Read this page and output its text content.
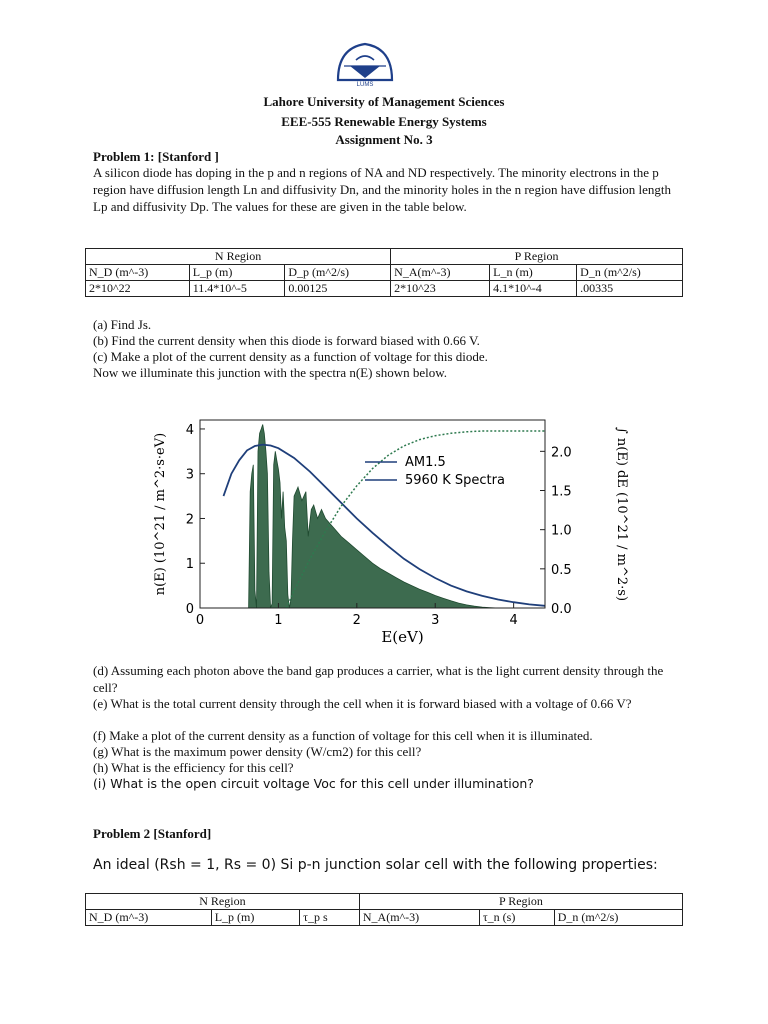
LUMS
Lahore University of Management Sciences
EEE-555 Renewable Energy Systems
Assignment No. 3
Problem 1: [Stanford ]
A silicon diode has doping in the p and n regions of NA and ND respectively. The minority electrons in the p region have diffusion length Ln and diffusivity Dn, and the minority holes in the n region have diffusion length Lp and diffusivity Dp. The values for these are given in the table below.
N Region			P Region		
N_D (m^-3)	L_p (m)	D_p (m^2/s)	N_A(m^-3)	L_n (m)	D_n (m^2/s)
2*10^22	11.4*10^-5	0.00125	2*10^23	4.1*10^-4	.00335
(a) Find Js.
(b) Find the current density when this diode is forward biased with 0.66 V.
(c) Make a plot of the current density as a function of voltage for this diode.
Now we illuminate this junction with the spectra n(E) shown below.
0	1	2	3	4
0
1
2
3
4
0.0
0.5
1.0
1.5
2.0
E(eV)
n(E) (10^21 / m^2·s·eV)	∫ n(E) dE (10^21 / m^2·s)
AM1.5
5960 K Spectra
(d) Assuming each photon above the band gap produces a carrier, what is the light current density through the cell?
(e) What is the total current density through the cell when it is forward biased with a voltage of 0.66 V?
(f) Make a plot of the current density as a function of voltage for this cell when it is illuminated.
(g) What is the maximum power density (W/cm2) for this cell?
(h) What is the efficiency for this cell?
(i) What is the open circuit voltage Voc for this cell under illumination?
Problem 2 [Stanford]
An ideal (Rsh = 1, Rs = 0) Si p-n junction solar cell with the following properties:
N Region			P Region		
N_D (m^-3)	L_p (m)	τ_p s	N_A(m^-3)	τ_n (s)	D_n (m^2/s)
